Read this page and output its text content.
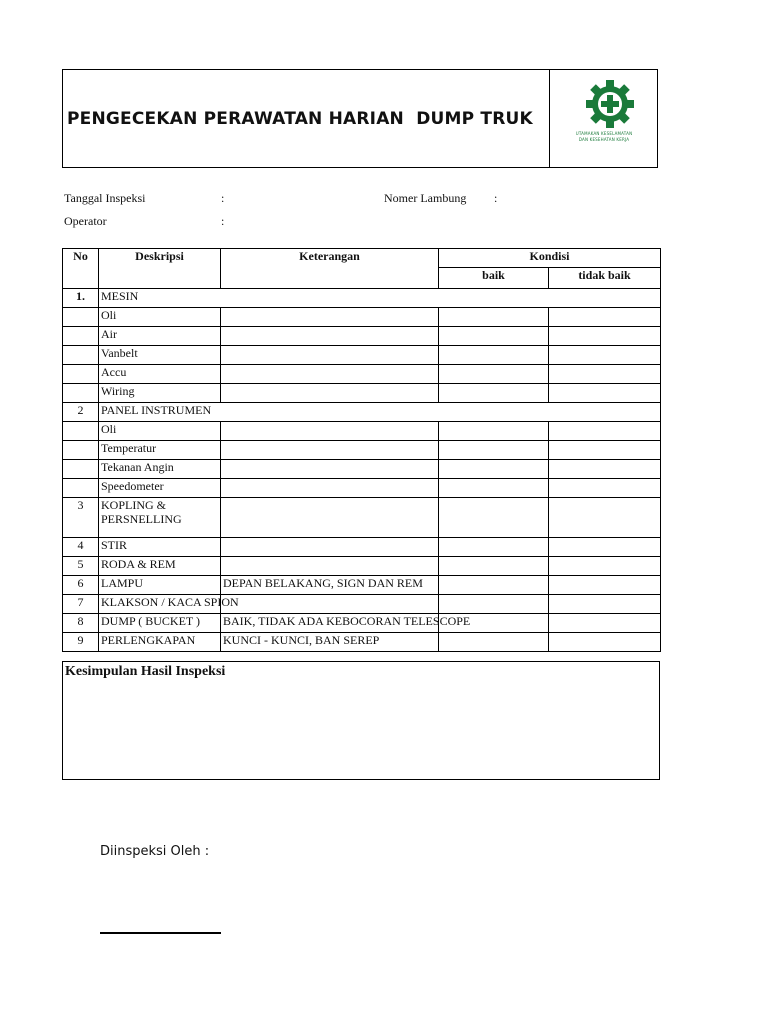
PENGECEKAN PERAWATAN HARIAN  DUMP TRUK
UTAMAKAN KESELAMATAN
DAN KESEHATAN KERJA
Tanggal Inspeksi	:	Nomer Lambung :
Operator	:
No	Deskripsi	Keterangan	Kondisi	
			baik	tidak baik
1.	MESIN			
	Oli			
	Air			
	Vanbelt			
	Accu			
	Wiring			
2	PANEL INSTRUMEN			
	Oli			
	Temperatur			
	Tekanan Angin			
	Speedometer			
3	KOPLING & PERSNELLING			
4	STIR			
5	RODA & REM			
6	LAMPU	DEPAN BELAKANG, SIGN DAN REM		
7	KLAKSON / KACA SPION			
8	DUMP ( BUCKET )	BAIK, TIDAK ADA KEBOCORAN TELESCOPE		
9	PERLENGKAPAN	KUNCI - KUNCI, BAN SEREP		
Kesimpulan Hasil Inspeksi
Diinspeksi Oleh :
